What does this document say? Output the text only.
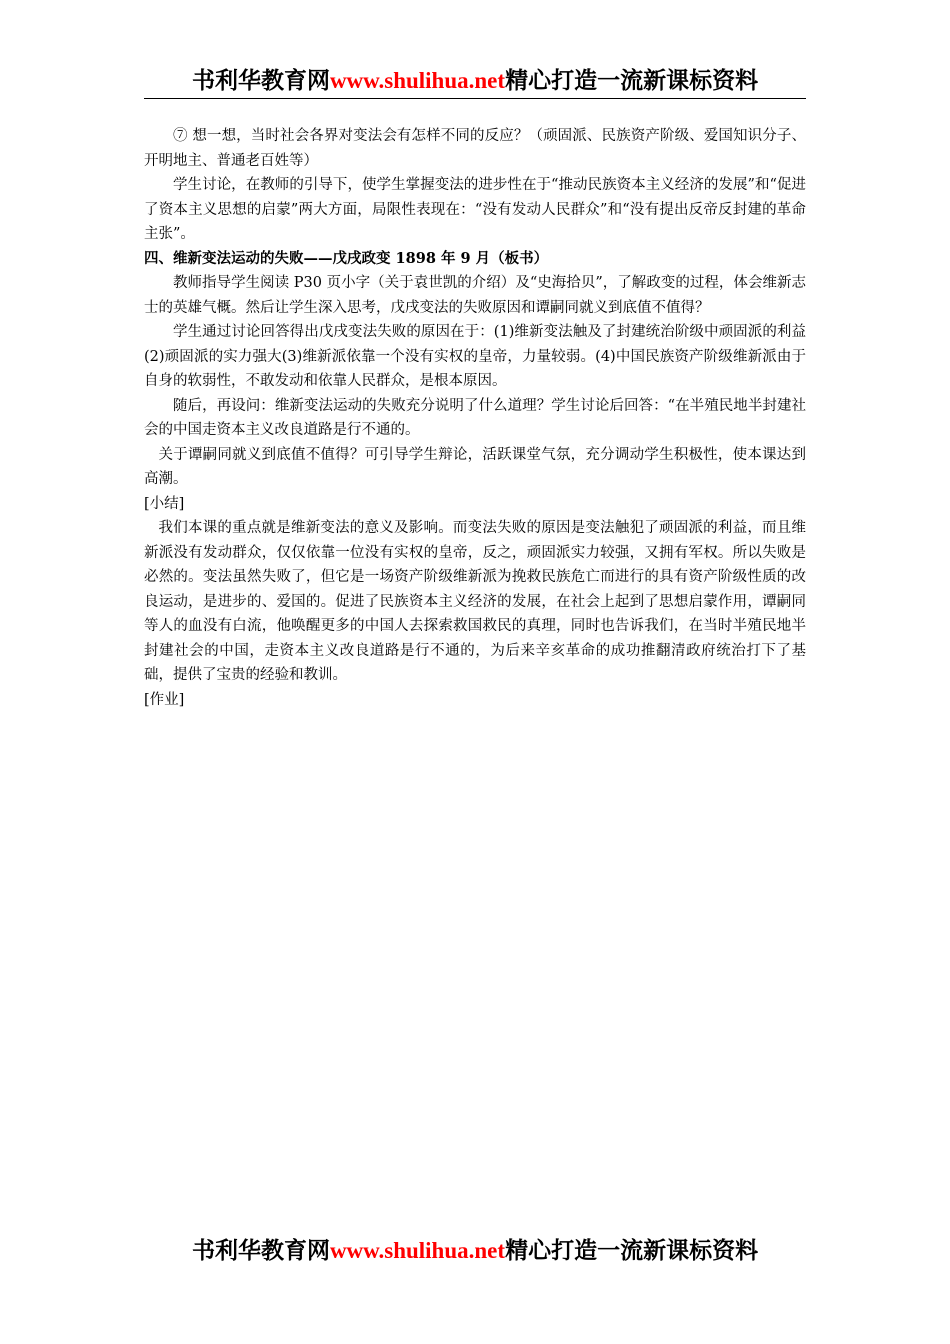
书利华教育网www.shulihua.net精心打造一流新课标资料

⑦ 想一想，当时社会各界对变法会有怎样不同的反应？（顽固派、民族资产阶级、爱国知识分子、开明地主、普通老百姓等）

学生讨论，在教师的引导下，使学生掌握变法的进步性在于“推动民族资本主义经济的发展”和“促进了资本主义思想的启蒙”两大方面，局限性表现在：“没有发动人民群众”和“没有提出反帝反封建的革命主张”。

四、维新变法运动的失败——戊戌政变 1898 年 9 月（板书）

教师指导学生阅读 P30 页小字（关于袁世凯的介绍）及“史海拾贝”，了解政变的过程，体会维新志士的英雄气概。然后让学生深入思考，戊戌变法的失败原因和谭嗣同就义到底值不值得？

学生通过讨论回答得出戊戌变法失败的原因在于：(1)维新变法触及了封建统治阶级中顽固派的利益(2)顽固派的实力强大(3)维新派依靠一个没有实权的皇帝，力量较弱。(4)中国民族资产阶级维新派由于自身的软弱性，不敢发动和依靠人民群众，是根本原因。

随后，再设问：维新变法运动的失败充分说明了什么道理？学生讨论后回答：“在半殖民地半封建社会的中国走资本主义改良道路是行不通的。

关于谭嗣同就义到底值不值得？可引导学生辩论，活跃课堂气氛，充分调动学生积极性，使本课达到高潮。

[小结]

我们本课的重点就是维新变法的意义及影响。而变法失败的原因是变法触犯了顽固派的利益，而且维新派没有发动群众，仅仅依靠一位没有实权的皇帝，反之，顽固派实力较强，又拥有军权。所以失败是必然的。变法虽然失败了，但它是一场资产阶级维新派为挽救民族危亡而进行的具有资产阶级性质的改良运动，是进步的、爱国的。促进了民族资本主义经济的发展，在社会上起到了思想启蒙作用，谭嗣同等人的血没有白流，他唤醒更多的中国人去探索救国救民的真理，同时也告诉我们，在当时半殖民地半封建社会的中国，走资本主义改良道路是行不通的，为后来辛亥革命的成功推翻清政府统治打下了基础，提供了宝贵的经验和教训。

[作业]

书利华教育网www.shulihua.net精心打造一流新课标资料
